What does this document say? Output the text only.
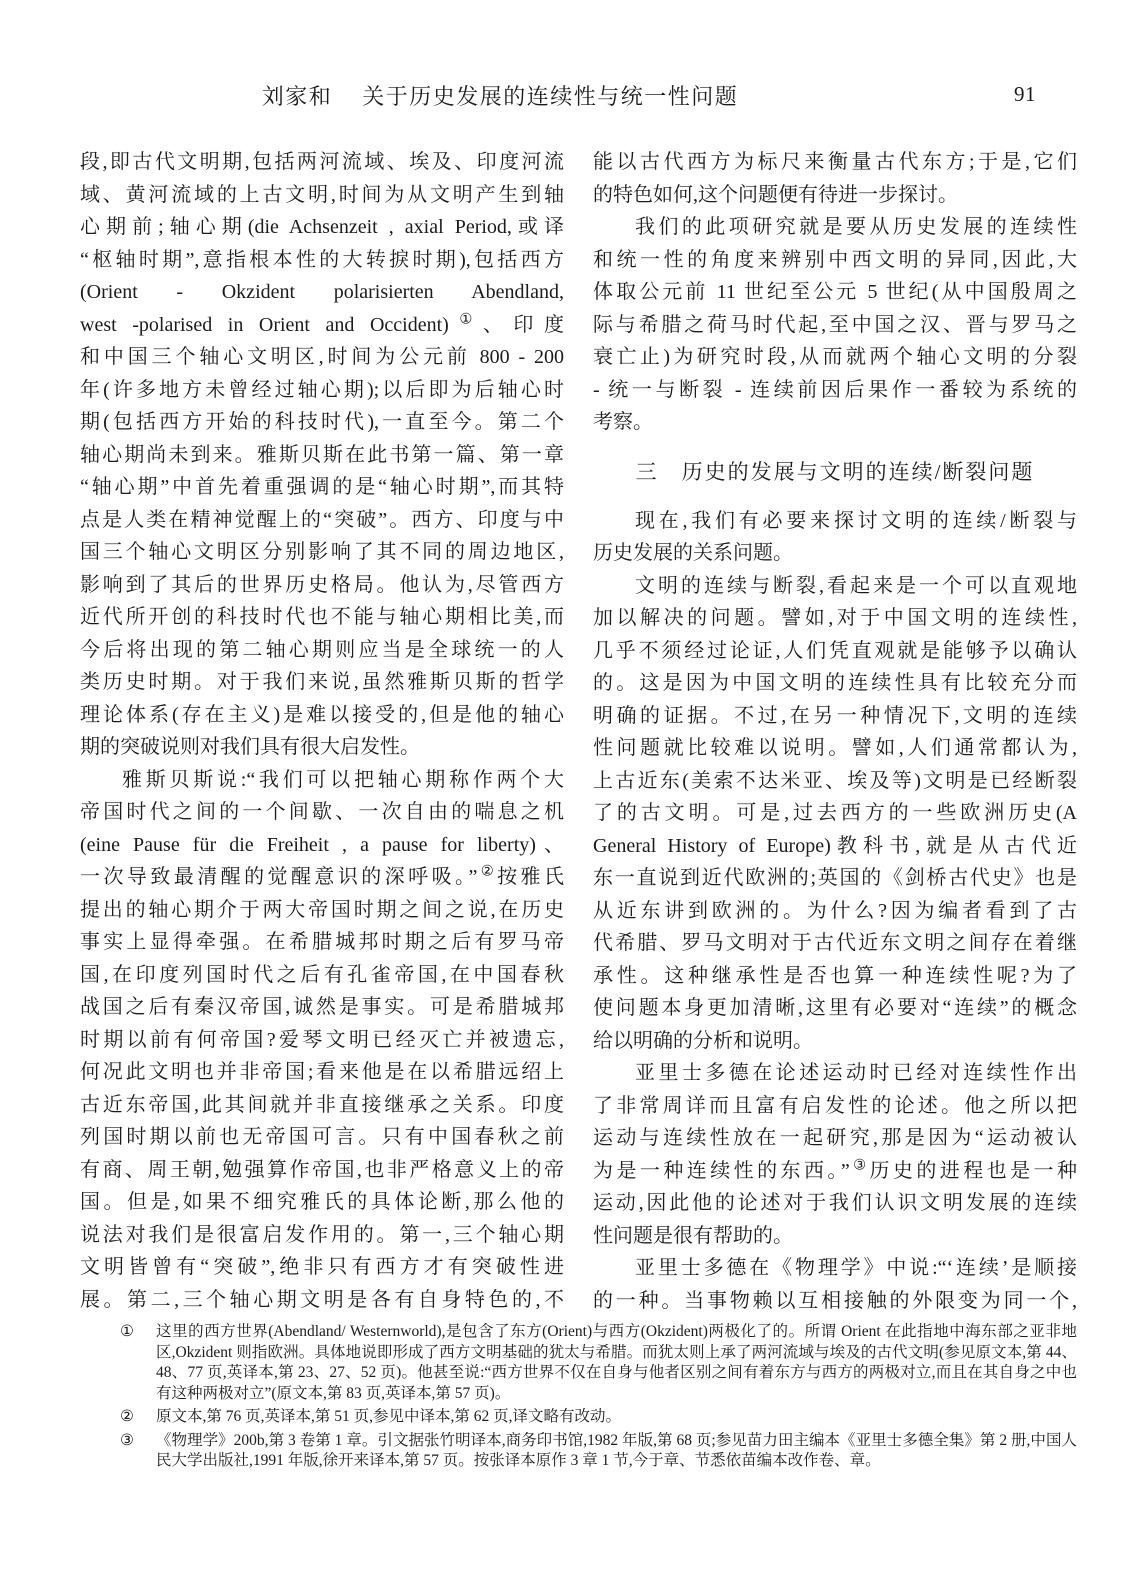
刘家和 关于历史发展的连续性与统一性问题	91
段,即古代文明期,包括两河流域、埃及、印度河流
域、黄河流域的上古文明,时间为从文明产生到轴
心期前;轴心期(die Achsenzeit , axial Period,或译
“枢轴时期”,意指根本性的大转捩时期),包括西方
(Orient - Okzident polarisierten Abendland,
west -polarised in Orient and Occident)①、印度
和中国三个轴心文明区,时间为公元前 800 - 200
年(许多地方未曾经过轴心期);以后即为后轴心时
期(包括西方开始的科技时代),一直至今。第二个
轴心期尚未到来。雅斯贝斯在此书第一篇、第一章
“轴心期”中首先着重强调的是“轴心时期”,而其特
点是人类在精神觉醒上的“突破”。西方、印度与中
国三个轴心文明区分别影响了其不同的周边地区,
影响到了其后的世界历史格局。他认为,尽管西方
近代所开创的科技时代也不能与轴心期相比美,而
今后将出现的第二轴心期则应当是全球统一的人
类历史时期。对于我们来说,虽然雅斯贝斯的哲学
理论体系(存在主义)是难以接受的,但是他的轴心
期的突破说则对我们具有很大启发性。
雅斯贝斯说:“我们可以把轴心期称作两个大
帝国时代之间的一个间歇、一次自由的喘息之机
(eine Pause für die Freiheit , a pause for liberty)、
一次导致最清醒的觉醒意识的深呼吸。”②按雅氏
提出的轴心期介于两大帝国时期之间之说,在历史
事实上显得牵强。在希腊城邦时期之后有罗马帝
国,在印度列国时代之后有孔雀帝国,在中国春秋
战国之后有秦汉帝国,诚然是事实。可是希腊城邦
时期以前有何帝国?爱琴文明已经灭亡并被遗忘,
何况此文明也并非帝国;看来他是在以希腊远绍上
古近东帝国,此其间就并非直接继承之关系。印度
列国时期以前也无帝国可言。只有中国春秋之前
有商、周王朝,勉强算作帝国,也非严格意义上的帝
国。但是,如果不细究雅氏的具体论断,那么他的
说法对我们是很富启发作用的。第一,三个轴心期
文明皆曾有“突破”,绝非只有西方才有突破性进
展。第二,三个轴心期文明是各有自身特色的,不
能以古代西方为标尺来衡量古代东方;于是,它们
的特色如何,这个问题便有待进一步探讨。
我们的此项研究就是要从历史发展的连续性
和统一性的角度来辨别中西文明的异同,因此,大
体取公元前 11 世纪至公元 5 世纪(从中国殷周之
际与希腊之荷马时代起,至中国之汉、晋与罗马之
衰亡止)为研究时段,从而就两个轴心文明的分裂
- 统一与断裂 - 连续前因后果作一番较为系统的
考察。
三　历史的发展与文明的连续/断裂问题
现在,我们有必要来探讨文明的连续/断裂与
历史发展的关系问题。
文明的连续与断裂,看起来是一个可以直观地
加以解决的问题。譬如,对于中国文明的连续性,
几乎不须经过论证,人们凭直观就是能够予以确认
的。这是因为中国文明的连续性具有比较充分而
明确的证据。不过,在另一种情况下,文明的连续
性问题就比较难以说明。譬如,人们通常都认为,
上古近东(美索不达米亚、埃及等)文明是已经断裂
了的古文明。可是,过去西方的一些欧洲历史(A
General History of Europe)教科书,就是从古代近
东一直说到近代欧洲的;英国的《剑桥古代史》也是
从近东讲到欧洲的。为什么?因为编者看到了古
代希腊、罗马文明对于古代近东文明之间存在着继
承性。这种继承性是否也算一种连续性呢?为了
使问题本身更加清晰,这里有必要对“连续”的概念
给以明确的分析和说明。
亚里士多德在论述运动时已经对连续性作出
了非常周详而且富有启发性的论述。他之所以把
运动与连续性放在一起研究,那是因为“运动被认
为是一种连续性的东西。”③历史的进程也是一种
运动,因此他的论述对于我们认识文明发展的连续
性问题是很有帮助的。
亚里士多德在《物理学》中说:“‘连续’是顺接
的一种。当事物赖以互相接触的外限变为同一个,
① 这里的西方世界(Abendland/ Westernworld),是包含了东方(Orient)与西方(Okzident)两极化了的。所谓 Orient 在此指地中海东部之亚非地区,Okzident 则指欧洲。具体地说即形成了西方文明基础的犹太与希腊。而犹太则上承了两河流域与埃及的古代文明(参见原文本,第 44、48、77 页,英译本,第 23、27、52 页)。他甚至说:“西方世界不仅在自身与他者区别之间有着东方与西方的两极对立,而且在其自身之中也有这种两极对立”(原文本,第 83 页,英译本,第 57 页)。
② 原文本,第 76 页,英译本,第 51 页,参见中译本,第 62 页,译文略有改动。
③ 《物理学》200b,第 3 卷第 1 章。引文据张竹明译本,商务印书馆,1982 年版,第 68 页;参见苗力田主编本《亚里士多德全集》第 2 册,中国人民大学出版社,1991 年版,徐开来译本,第 57 页。按张译本原作 3 章 1 节,今于章、节悉依苗编本改作卷、章。
